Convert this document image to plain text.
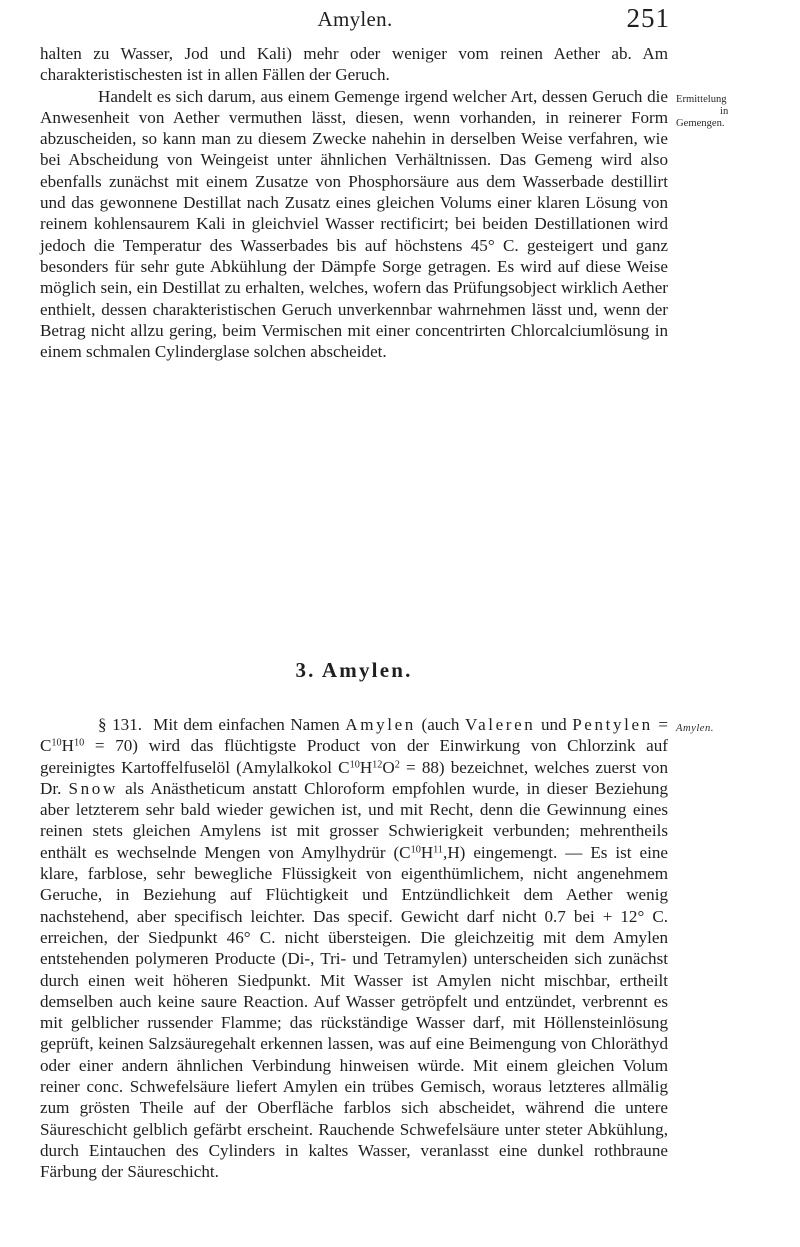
Amylen.	251

halten zu Wasser, Jod und Kali) mehr oder weniger vom reinen Aether ab. Am charakteristischesten ist in allen Fällen der Geruch.

Handelt es sich darum, aus einem Gemenge irgend welcher Art, dessen Geruch die Anwesenheit von Aether vermuthen lässt, diesen, wenn vorhanden, in reinerer Form abzuscheiden, so kann man zu diesem Zwecke nahehin in derselben Weise verfahren, wie bei Abscheidung von Weingeist unter ähnlichen Verhältnissen. Das Gemeng wird also ebenfalls zunächst mit einem Zusatze von Phosphorsäure aus dem Wasserbade destillirt und das gewonnene Destillat nach Zusatz eines gleichen Volums einer klaren Lösung von reinem kohlensaurem Kali in gleichviel Wasser rectificirt; bei beiden Destillationen wird jedoch die Temperatur des Wasserbades bis auf höchstens 45° C. gesteigert und ganz besonders für sehr gute Abkühlung der Dämpfe Sorge getragen. Es wird auf diese Weise möglich sein, ein Destillat zu erhalten, welches, wofern das Prüfungsobject wirklich Aether enthielt, dessen charakteristischen Geruch unverkennbar wahrnehmen lässt und, wenn der Betrag nicht allzu gering, beim Vermischen mit einer concentrirten Chlorcalciumlösung in einem schmalen Cylinderglase solchen abscheidet.

Ermittelung
in
Gemengen.
3. Amylen.

§ 131. Mit dem einfachen Namen Amylen (auch Valeren und Pentylen = $C^{10}H^{10} = 70$) wird das flüchtigste Product von der Einwirkung von Chlorzink auf gereinigtes Kartoffelfuselöl (Amylalkokol $C^{10}H^{12}O^2 = 88$) bezeichnet, welches zuerst von Dr. Snow als Anästheticum anstatt Chloroform empfohlen wurde, in dieser Beziehung aber letzterem sehr bald wieder gewichen ist, und mit Recht, denn die Gewinnung eines reinen stets gleichen Amylens ist mit grosser Schwierigkeit verbunden; mehrentheils enthält es wechselnde Mengen von Amylhydrür $(C^{10}H^{11},H)$ eingemengt. — Es ist eine klare, farblose, sehr bewegliche Flüssigkeit von eigenthümlichem, nicht angenehmem Geruche, in Beziehung auf Flüchtigkeit und Entzündlichkeit dem Aether wenig nachstehend, aber specifisch leichter. Das specif. Gewicht darf nicht 0.7 bei + 12° C. erreichen, der Siedpunkt 46° C. nicht übersteigen. Die gleichzeitig mit dem Amylen entstehenden polymeren Producte (Di-, Tri- und Tetramylen) unterscheiden sich zunächst durch einen weit höheren Siedpunkt. Mit Wasser ist Amylen nicht mischbar, ertheilt demselben auch keine saure Reaction. Auf Wasser getröpfelt und entzündet, verbrennt es mit gelblicher russender Flamme; das rückständige Wasser darf, mit Höllensteinlösung geprüft, keinen Salzsäuregehalt erkennen lassen, was auf eine Beimengung von Chloräthyd oder einer andern ähnlichen Verbindung hinweisen würde. Mit einem gleichen Volum reiner conc. Schwefelsäure liefert Amylen ein trübes Gemisch, woraus letzteres allmälig zum grösten Theile auf der Oberfläche farblos sich abscheidet, während die untere Säureschicht gelblich gefärbt erscheint. Rauchende Schwefelsäure unter steter Abkühlung, durch Eintauchen des Cylinders in kaltes Wasser, veranlasst eine dunkel rothbraune Färbung der Säureschicht.

Amylen.
